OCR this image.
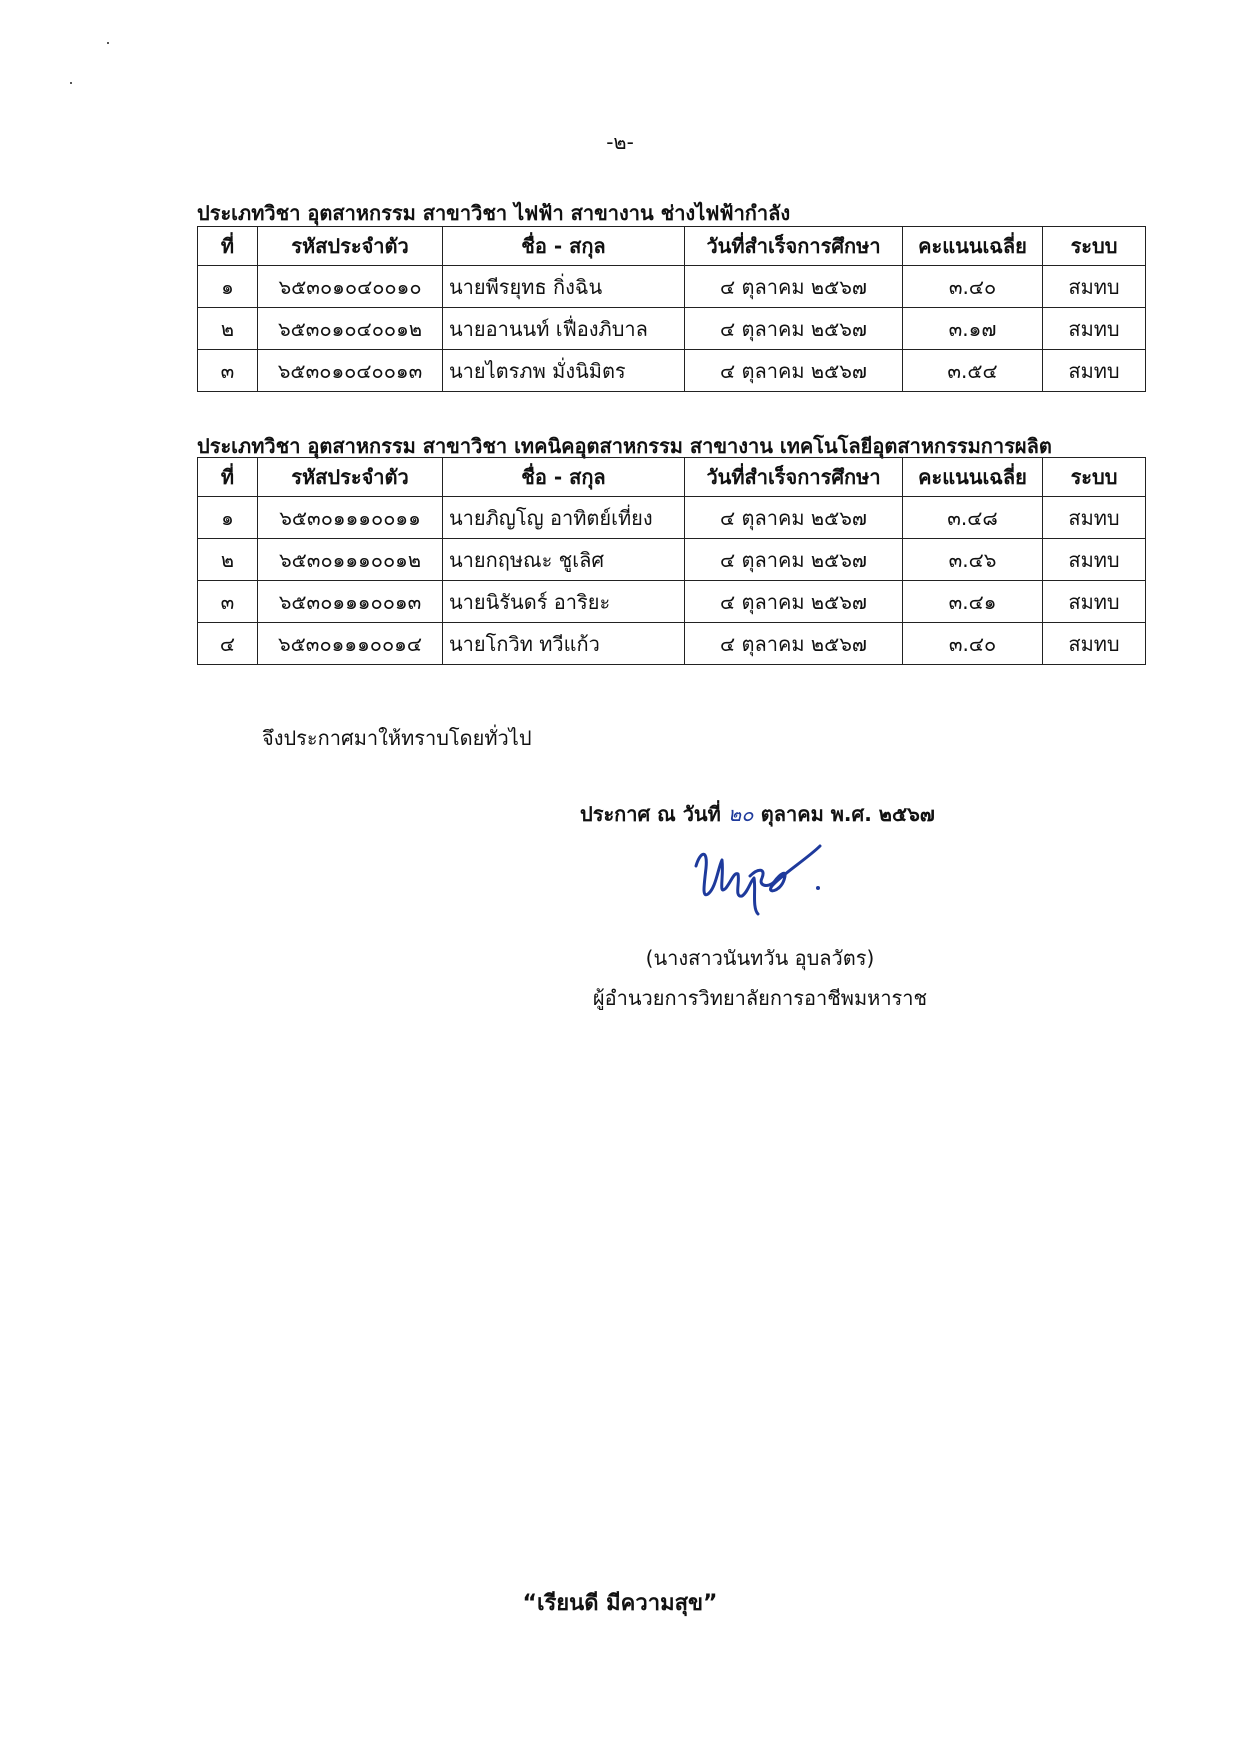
-๒-
ประเภทวิชา อุตสาหกรรม สาขาวิชา ไฟฟ้า สาขางาน ช่างไฟฟ้ากำลัง
ที่	รหัสประจำตัว	ชื่อ - สกุล	วันที่สำเร็จการศึกษา	คะแนนเฉลี่ย	ระบบ
๑	๖๕๓๐๑๐๔๐๐๑๐	นายพีรยุทธ กิ่งฉิน	๔ ตุลาคม ๒๕๖๗	๓.๔๐	สมทบ
๒	๖๕๓๐๑๐๔๐๐๑๒	นายอานนท์ เฟื่องภิบาล	๔ ตุลาคม ๒๕๖๗	๓.๑๗	สมทบ
๓	๖๕๓๐๑๐๔๐๐๑๓	นายไตรภพ มั่งนิมิตร	๔ ตุลาคม ๒๕๖๗	๓.๕๔	สมทบ
ประเภทวิชา อุตสาหกรรม สาขาวิชา เทคนิคอุตสาหกรรม สาขางาน เทคโนโลยีอุตสาหกรรมการผลิต
ที่	รหัสประจำตัว	ชื่อ - สกุล	วันที่สำเร็จการศึกษา	คะแนนเฉลี่ย	ระบบ
๑	๖๕๓๐๑๑๑๐๐๑๑	นายภิญโญ อาทิตย์เที่ยง	๔ ตุลาคม ๒๕๖๗	๓.๔๘	สมทบ
๒	๖๕๓๐๑๑๑๐๐๑๒	นายกฤษณะ ชูเลิศ	๔ ตุลาคม ๒๕๖๗	๓.๔๖	สมทบ
๓	๖๕๓๐๑๑๑๐๐๑๓	นายนิรันดร์ อาริยะ	๔ ตุลาคม ๒๕๖๗	๓.๔๑	สมทบ
๔	๖๕๓๐๑๑๑๐๐๑๔	นายโกวิท ทวีแก้ว	๔ ตุลาคม ๒๕๖๗	๓.๔๐	สมทบ
จึงประกาศมาให้ทราบโดยทั่วไป
ประกาศ ณ วันที่ ๒๐ ตุลาคม พ.ศ. ๒๕๖๗
(นางสาวนันทวัน อุบลวัตร)
ผู้อำนวยการวิทยาลัยการอาชีพมหาราช
“เรียนดี มีความสุข”
